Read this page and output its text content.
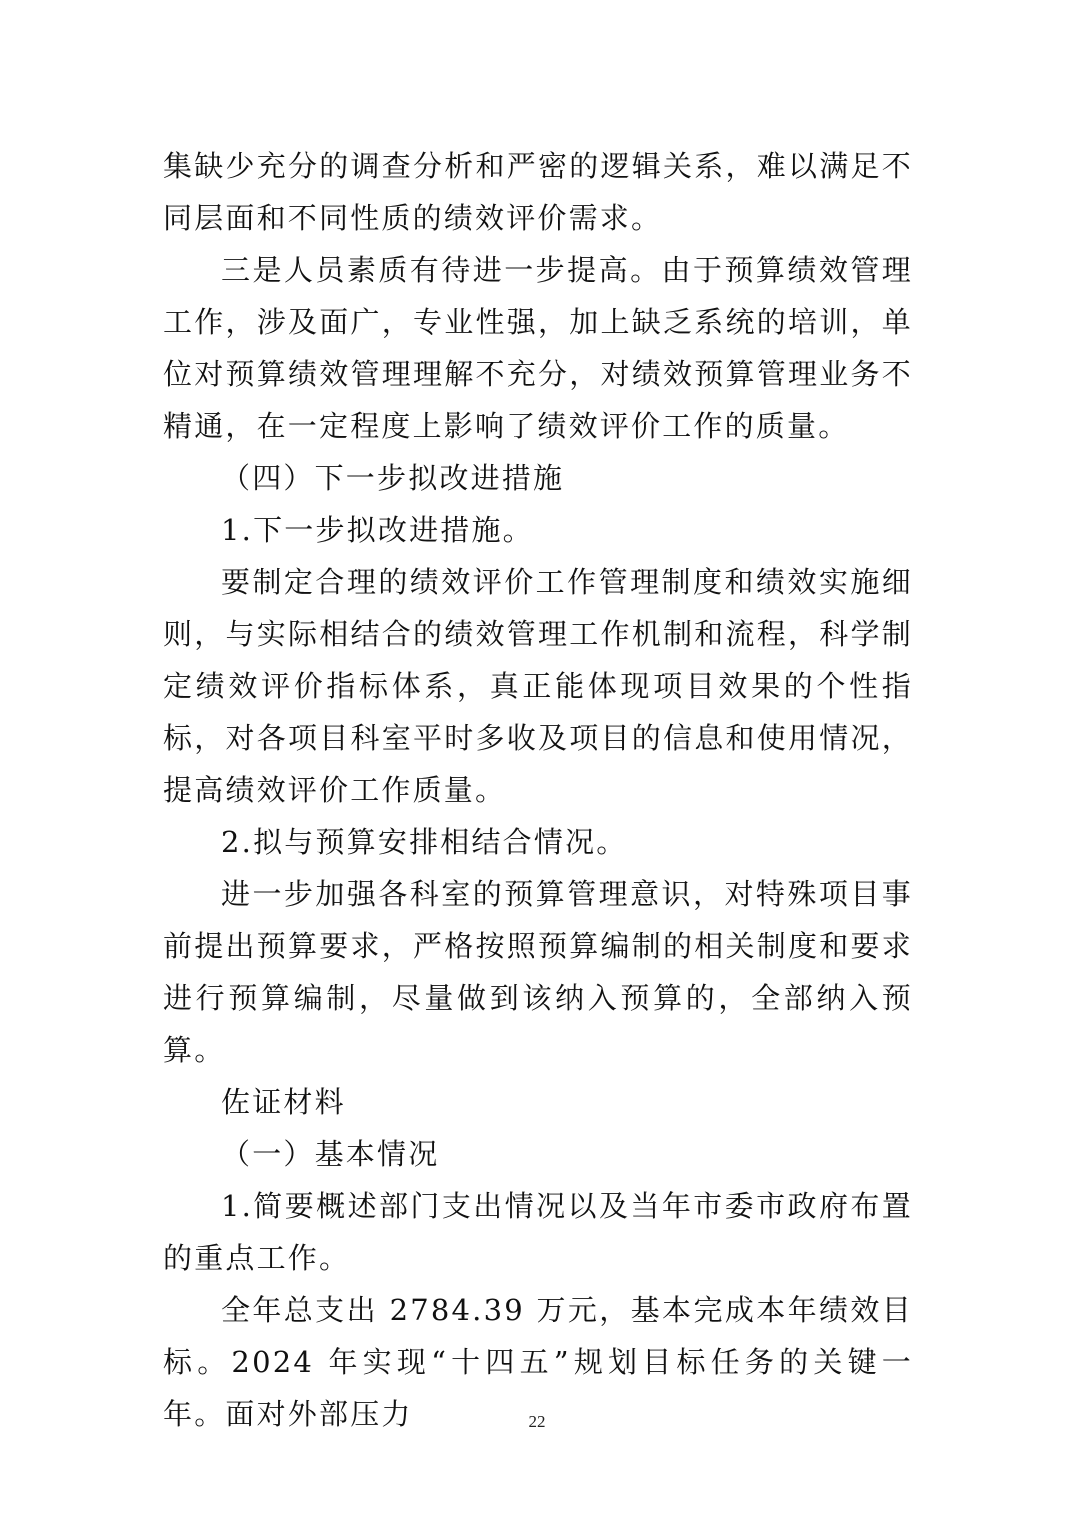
集缺少充分的调查分析和严密的逻辑关系，难以满足不同层面和不同性质的绩效评价需求。

三是人员素质有待进一步提高。由于预算绩效管理工作，涉及面广，专业性强，加上缺乏系统的培训，单位对预算绩效管理理解不充分，对绩效预算管理业务不精通，在一定程度上影响了绩效评价工作的质量。

（四）下一步拟改进措施

1.下一步拟改进措施。

要制定合理的绩效评价工作管理制度和绩效实施细则，与实际相结合的绩效管理工作机制和流程，科学制定绩效评价指标体系，真正能体现项目效果的个性指标，对各项目科室平时多收及项目的信息和使用情况，提高绩效评价工作质量。

2.拟与预算安排相结合情况。

进一步加强各科室的预算管理意识，对特殊项目事前提出预算要求，严格按照预算编制的相关制度和要求进行预算编制，尽量做到该纳入预算的，全部纳入预算。

佐证材料

（一）基本情况

1.简要概述部门支出情况以及当年市委市政府布置的重点工作。

全年总支出 2784.39 万元，基本完成本年绩效目标。2024 年实现“十四五”规划目标任务的关键一年。面对外部压力	22
